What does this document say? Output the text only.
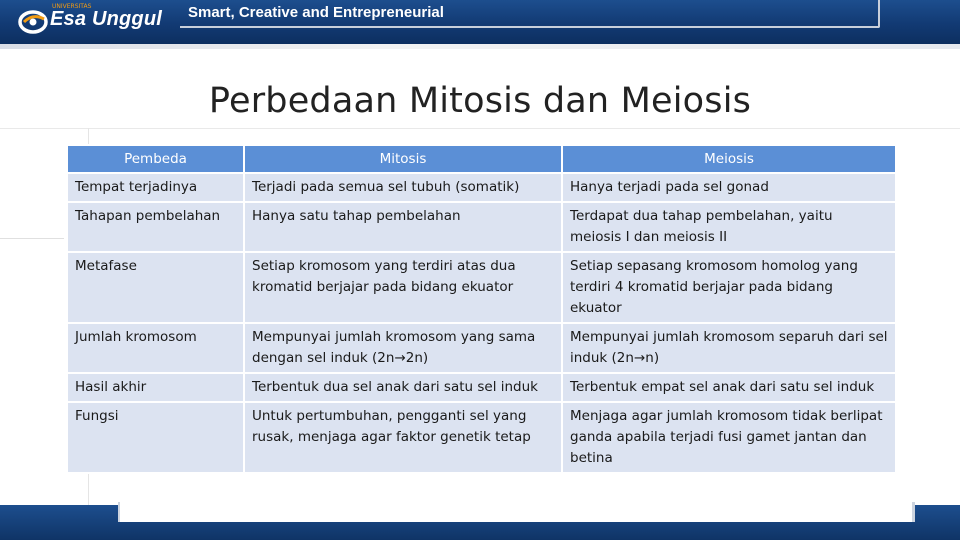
UNIVERSITAS
Esa Unggul Smart, Creative and Entrepreneurial
Perbedaan Mitosis dan Meiosis
Pembeda	Mitosis	Meiosis
Tempat terjadinya	Terjadi pada semua sel tubuh (somatik)	Hanya terjadi pada sel gonad
Tahapan pembelahan	Hanya satu tahap pembelahan	Terdapat dua tahap pembelahan, yaitu meiosis I dan meiosis II
Metafase	Setiap kromosom yang terdiri atas dua kromatid berjajar pada bidang ekuator	Setiap sepasang kromosom homolog yang terdiri 4 kromatid berjajar pada bidang ekuator
Jumlah kromosom	Mempunyai jumlah kromosom yang sama dengan sel induk (2n→2n)	Mempunyai jumlah kromosom separuh dari sel induk (2n→n)
Hasil akhir	Terbentuk dua sel anak dari satu sel induk	Terbentuk empat sel anak dari satu sel induk
Fungsi	Untuk pertumbuhan, pengganti sel yang rusak, menjaga agar faktor genetik tetap	Menjaga agar jumlah kromosom tidak berlipat ganda apabila terjadi fusi gamet jantan dan betina
